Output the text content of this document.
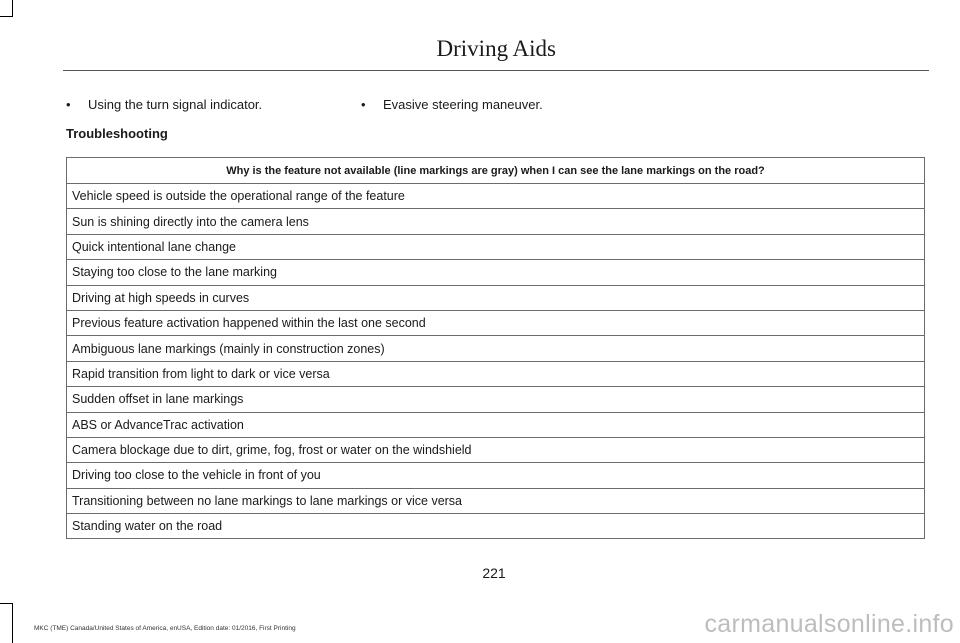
Driving Aids
• Using the turn signal indicator.	• Evasive steering maneuver.
Troubleshooting
Why is the feature not available (line markings are gray) when I can see the lane markings on the road?
Vehicle speed is outside the operational range of the feature
Sun is shining directly into the camera lens
Quick intentional lane change
Staying too close to the lane marking
Driving at high speeds in curves
Previous feature activation happened within the last one second
Ambiguous lane markings (mainly in construction zones)
Rapid transition from light to dark or vice versa
Sudden offset in lane markings
ABS or AdvanceTrac activation
Camera blockage due to dirt, grime, fog, frost or water on the windshield
Driving too close to the vehicle in front of you
Transitioning between no lane markings to lane markings or vice versa
Standing water on the road
221
MKC (TME) Canada/United States of America, enUSA, Edition date: 01/2016, First Printing	carmanualsonline.info
